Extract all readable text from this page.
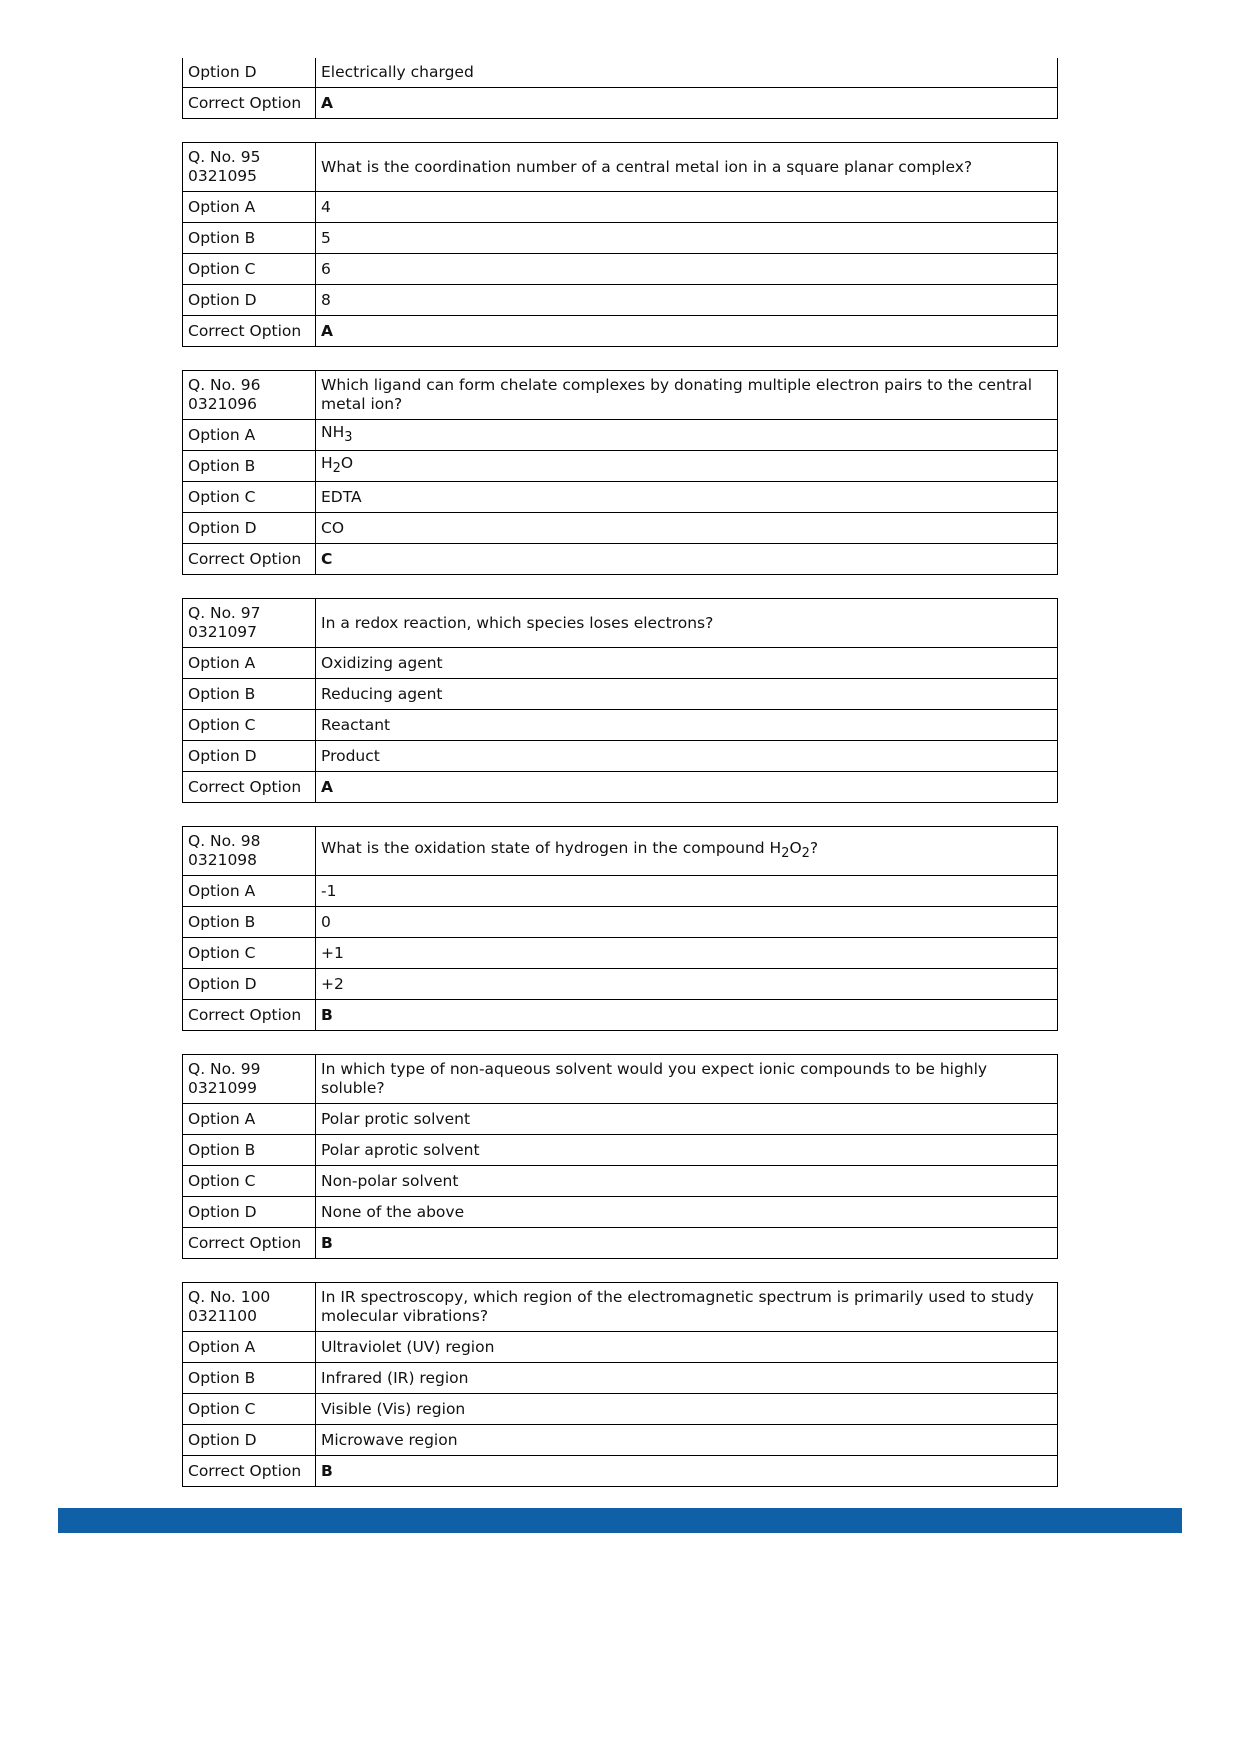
Option D	Electrically charged
Correct Option	A
Q. No. 95
0321095	What is the coordination number of a central metal ion in a square planar complex?
Option A	4
Option B	5
Option C	6
Option D	8
Correct Option	A
Q. No. 96
0321096	Which ligand can form chelate complexes by donating multiple electron pairs to the central metal ion?
Option A	$NH_3$
Option B	$H_2O$
Option C	EDTA
Option D	CO
Correct Option	C
Q. No. 97
0321097	In a redox reaction, which species loses electrons?
Option A	Oxidizing agent
Option B	Reducing agent
Option C	Reactant
Option D	Product
Correct Option	A
Q. No. 98
0321098	What is the oxidation state of hydrogen in the compound $H_2O_2$?
Option A	-1
Option B	0
Option C	+1
Option D	+2
Correct Option	B
Q. No. 99
0321099	In which type of non-aqueous solvent would you expect ionic compounds to be highly soluble?
Option A	Polar protic solvent
Option B	Polar aprotic solvent
Option C	Non-polar solvent
Option D	None of the above
Correct Option	B
Q. No. 100
0321100	In IR spectroscopy, which region of the electromagnetic spectrum is primarily used to study molecular vibrations?
Option A	Ultraviolet (UV) region
Option B	Infrared (IR) region
Option C	Visible (Vis) region
Option D	Microwave region
Correct Option	B
